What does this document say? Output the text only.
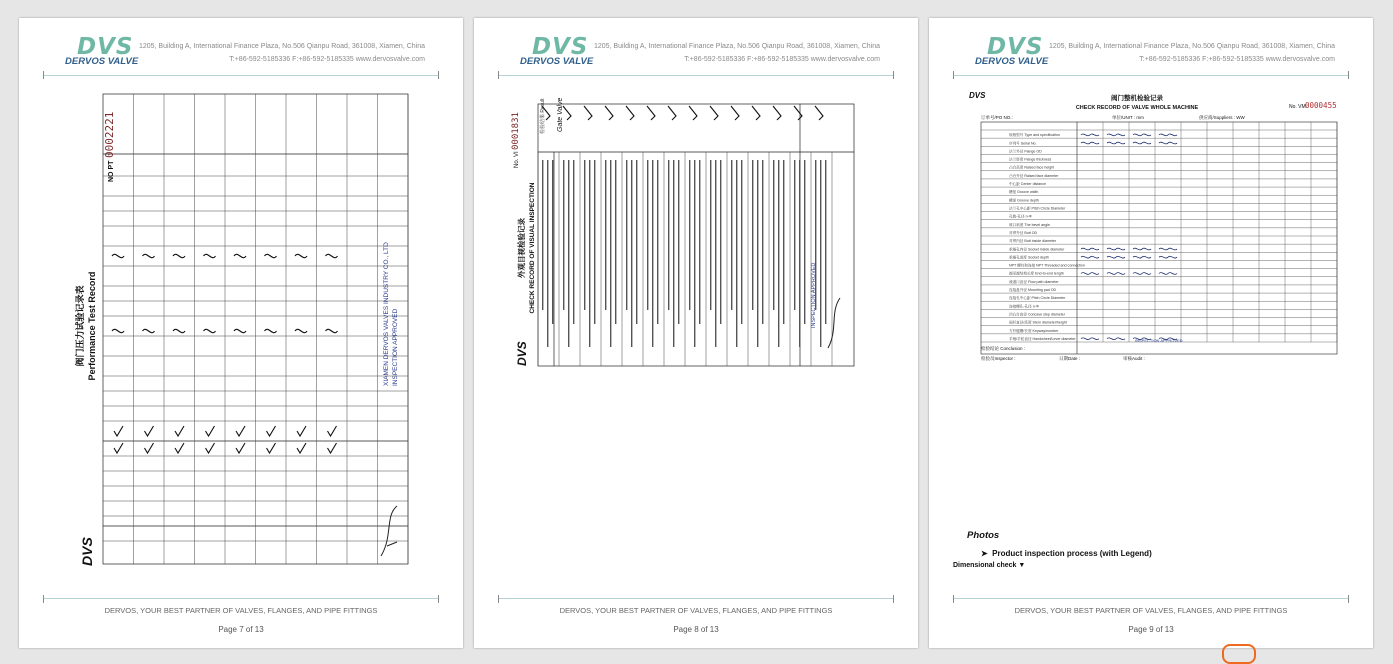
DVS
DERVOS VALVE
1205, Building A, International Finance Plaza, No.506 Qianpu Road, 361008, Xiamen, China
T:+86-592-5185336 F:+86-592-5185335 www.dervosvalve.com
阀门压力试验记录表 Performance Test Record
NO PT
0002221
XIAMEN DERVOS VALVES INDUSTRY CO., LTD INSPECTION APPROVED
DVS
DERVOS, YOUR BEST PARTNER OF VALVES, FLANGES, AND PIPE FITTINGS
Page 7 of 13
DVS
DERVOS VALVE
1205, Building A, International Finance Plaza, No.506 Qianpu Road, 361008, Xiamen, China
T:+86-592-5185336 F:+86-592-5185335 www.dervosvalve.com
外观目视检验记录 CHECK RECORD OF VISUAL INSPECTION
No. VI
0001831	Gate Valve
检验结果 Result
INSPECTION APPROVED
DVS
DERVOS, YOUR BEST PARTNER OF VALVES, FLANGES, AND PIPE FITTINGS
Page 8 of 13
DVS
DERVOS VALVE
1205, Building A, International Finance Plaza, No.506 Qianpu Road, 361008, Xiamen, China
T:+86-592-5185336 F:+86-592-5185335 www.dervosvalve.com
DVS	阀门整机检验记录
CHECK RECORD OF VALVE WHOLE MACHINE	No. VM 0000455
订单号/PO NO.:	单位/UNIT : mm	供应商/Suppliers : WW
规格型号 Type and specification
序列号 Serial No.
法兰外径 Flange OD
法兰厚度 Flange thickness
凸台高度 Raised face height
凸台外径 Raised face diameter
中心距 Center distance
槽宽 Groove width
槽深 Groove depth
法兰孔中心距 Pitch Circle Diameter
孔数-孔径 n-Φ
坡口斜度 The bevel angle
对焊外径 Butt OD
对焊内径 Butt inside diameter
承插孔内径 Socket inside diameter
承插孔深度 Socket depth
NPT 螺纹和连接 NPT Threaded and connection
端至端结构长度 End-to-end length
流道口直径 Flow path diameter
连接盘外径 Mounting pad OD
连接孔中心距 Pitch Circle Diameter
连接螺孔-孔径 n-Φ
凹凸台直径 Concave step diameter
阀杆直径/高度 Stem diameter/height
方杆键槽/长度 Keyway/number
手柄/手轮直径 Handwheel/Lever diameter
检验结论 Conclusion :
检验员Inspector :	日期Date :	审核Audit :
INSPECTION APPROVED
Photos
➤  Product inspection process (with Legend)
Dimensional check ▼
DERVOS, YOUR BEST PARTNER OF VALVES, FLANGES, AND PIPE FITTINGS
Page 9 of 13
